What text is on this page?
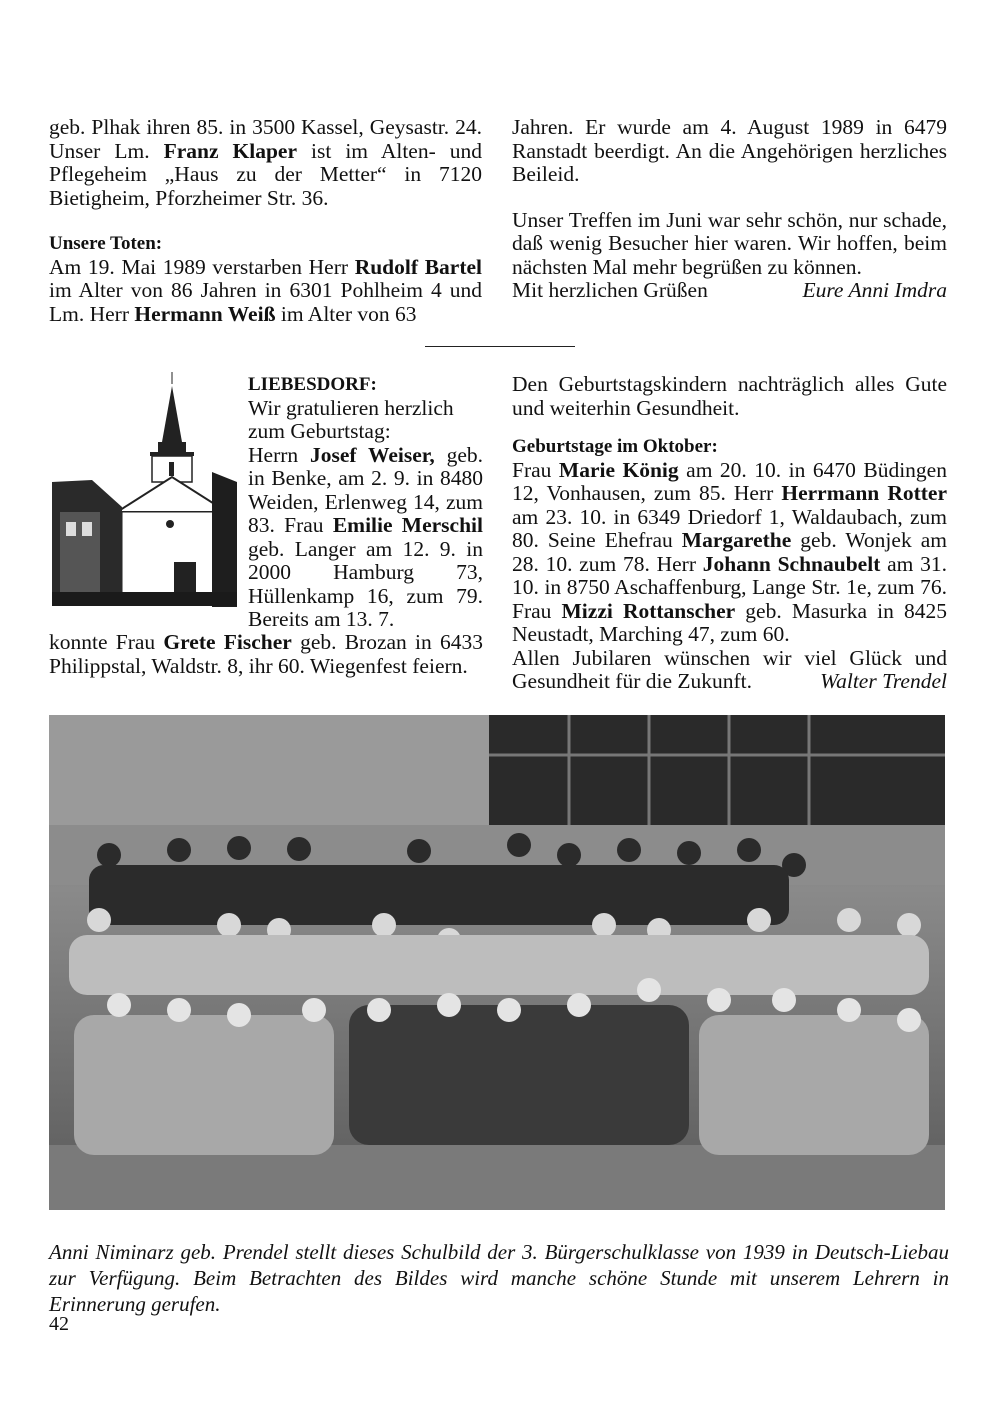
geb. Plhak ihren 85. in 3500 Kassel, Geysastr. 24. Unser Lm. Franz Klaper ist im Alten- und Pflegeheim „Haus zu der Metter“ in 7120 Bietigheim, Pforzheimer Str. 36.

Unsere Toten:

Am 19. Mai 1989 verstarben Herr Rudolf Bartel im Alter von 86 Jahren in 6301 Pohlheim 4 und Lm. Herr Hermann Weiß im Alter von 63

Jahren. Er wurde am 4. August 1989 in 6479 Ranstadt beerdigt. An die Angehörigen herzliches Beileid.

Unser Treffen im Juni war sehr schön, nur schade, daß wenig Besucher hier waren. Wir hoffen, beim nächsten Mal mehr begrüßen zu können.

Mit herzlichen Grüßen	Eure Anni Imdra

LIEBESDORF:

Wir gratulieren herzlich zum Geburtstag:

Herrn Josef Weiser, geb. in Benke, am 2. 9. in 8480 Weiden, Erlenweg 14, zum 83. Frau Emilie Merschil geb. Langer am 12. 9. in 2000 Hamburg 73, Hüllenkamp 16, zum 79. Bereits am 13. 7.

konnte Frau Grete Fischer geb. Brozan in 6433 Philippstal, Waldstr. 8, ihr 60. Wiegenfest feiern.

Den Geburtstagskindern nachträglich alles Gute und weiterhin Gesundheit.

Geburtstage im Oktober:

Frau Marie König am 20. 10. in 6470 Büdingen 12, Vonhausen, zum 85. Herr Herrmann Rotter am 23. 10. in 6349 Driedorf 1, Waldaubach, zum 80. Seine Ehefrau Margarethe geb. Wonjek am 28. 10. zum 78. Herr Johann Schnaubelt am 31. 10. in 8750 Aschaffenburg, Lange Str. 1e, zum 76. Frau Mizzi Rottanscher geb. Masurka in 8425 Neustadt, Marching 47, zum 60.

Allen Jubilaren wünschen wir viel Glück und Gesundheit für die Zukunft.	Walter Trendel

Anni Niminarz geb. Prendel stellt dieses Schulbild der 3. Bürgerschulklasse von 1939 in Deutsch-Liebau zur Verfügung. Beim Betrachten des Bildes wird manche schöne Stunde mit unserem Lehrern in Erinnerung gerufen.

42
